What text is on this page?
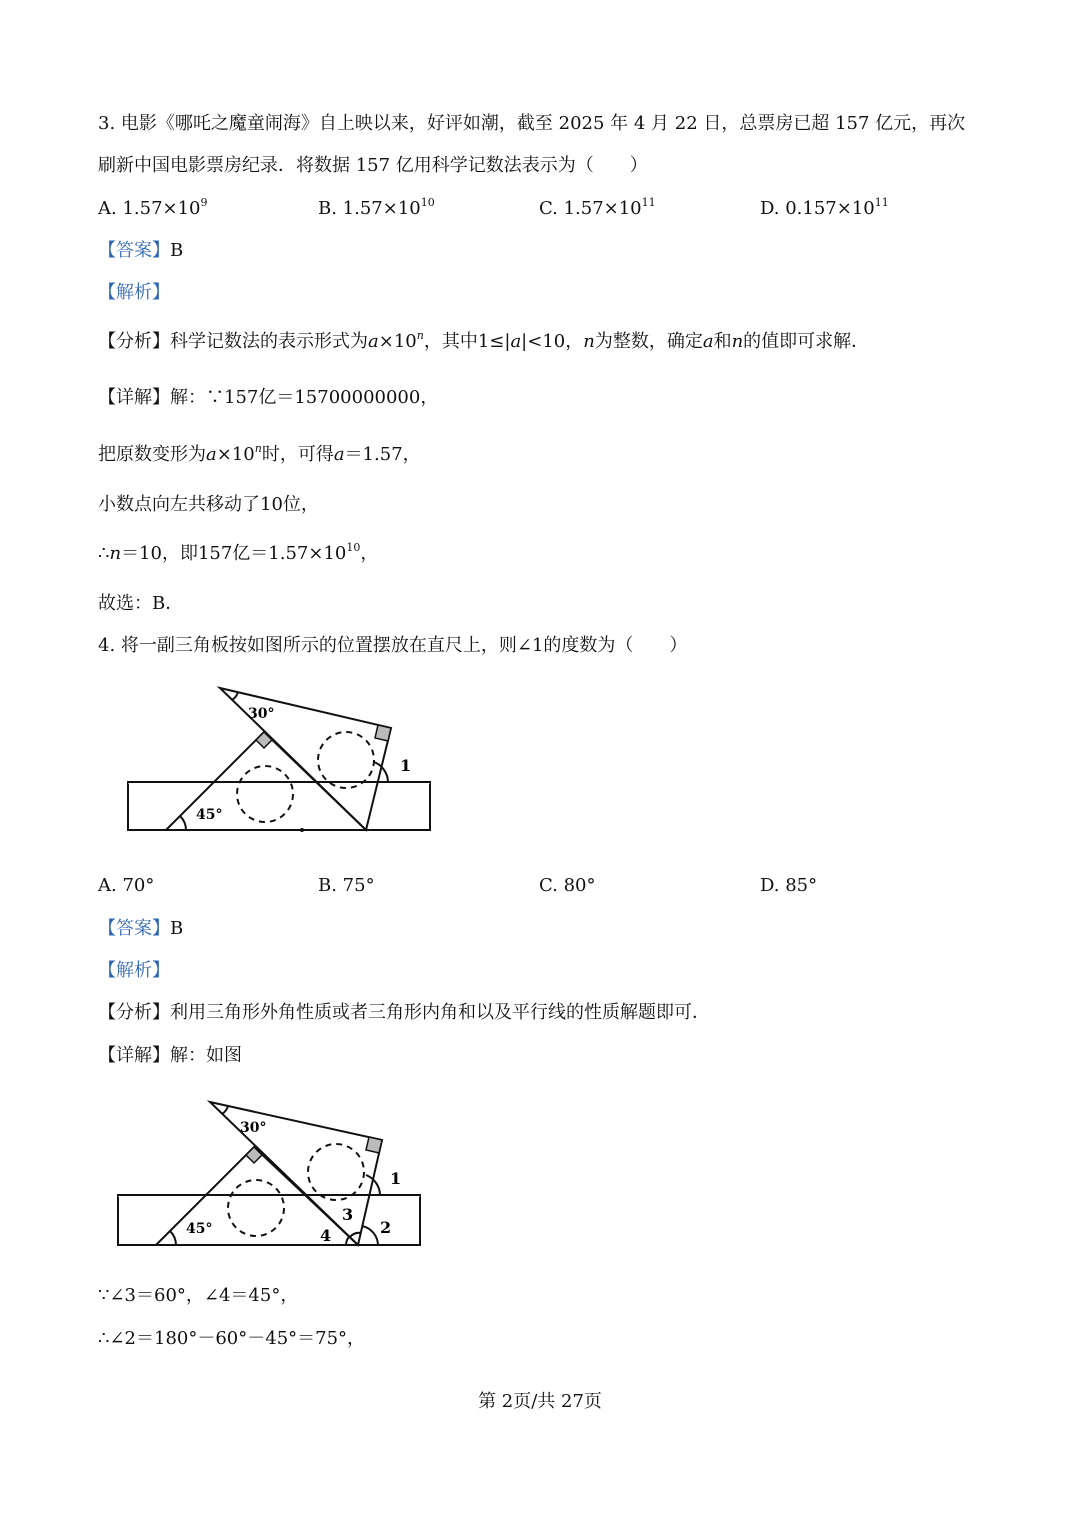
3. 电影《哪吒之魔童闹海》自上映以来，好评如潮，截至 2025 年 4 月 22 日，总票房已超 157 亿元，再次
刷新中国电影票房纪录．将数据 157 亿用科学记数法表示为（　　）
A. $1.57\times 10^9$	B. $1.57\times 10^{10}$	C. $1.57\times 10^{11}$	D. $0.157\times 10^{11}$
【答案】B
【解析】
【分析】科学记数法的表示形式为$a\times 10^n$，其中1≤|a|<10，n为整数，确定a和n的值即可求解．
【详解】解：∵157亿＝15700000000，
把原数变形为$a\times 10^n$时，可得a＝1.57，
小数点向左共移动了10位，
∴n＝10，即157亿$=1.57\times 10^{10}$，
故选：B．
4. 将一副三角板按如图所示的位置摆放在直尺上，则∠1的度数为（　　）
30°
45°
1
A. 70°	B. 75°	C. 80°	D. 85°
【答案】B
【解析】
【分析】利用三角形外角性质或者三角形内角和以及平行线的性质解题即可．
【详解】解：如图
30°
45°
1
2
3
4
∵∠3＝60°，∠4＝45°，
∴∠2＝180°－60°－45°＝75°，
第 2页/共 27页
